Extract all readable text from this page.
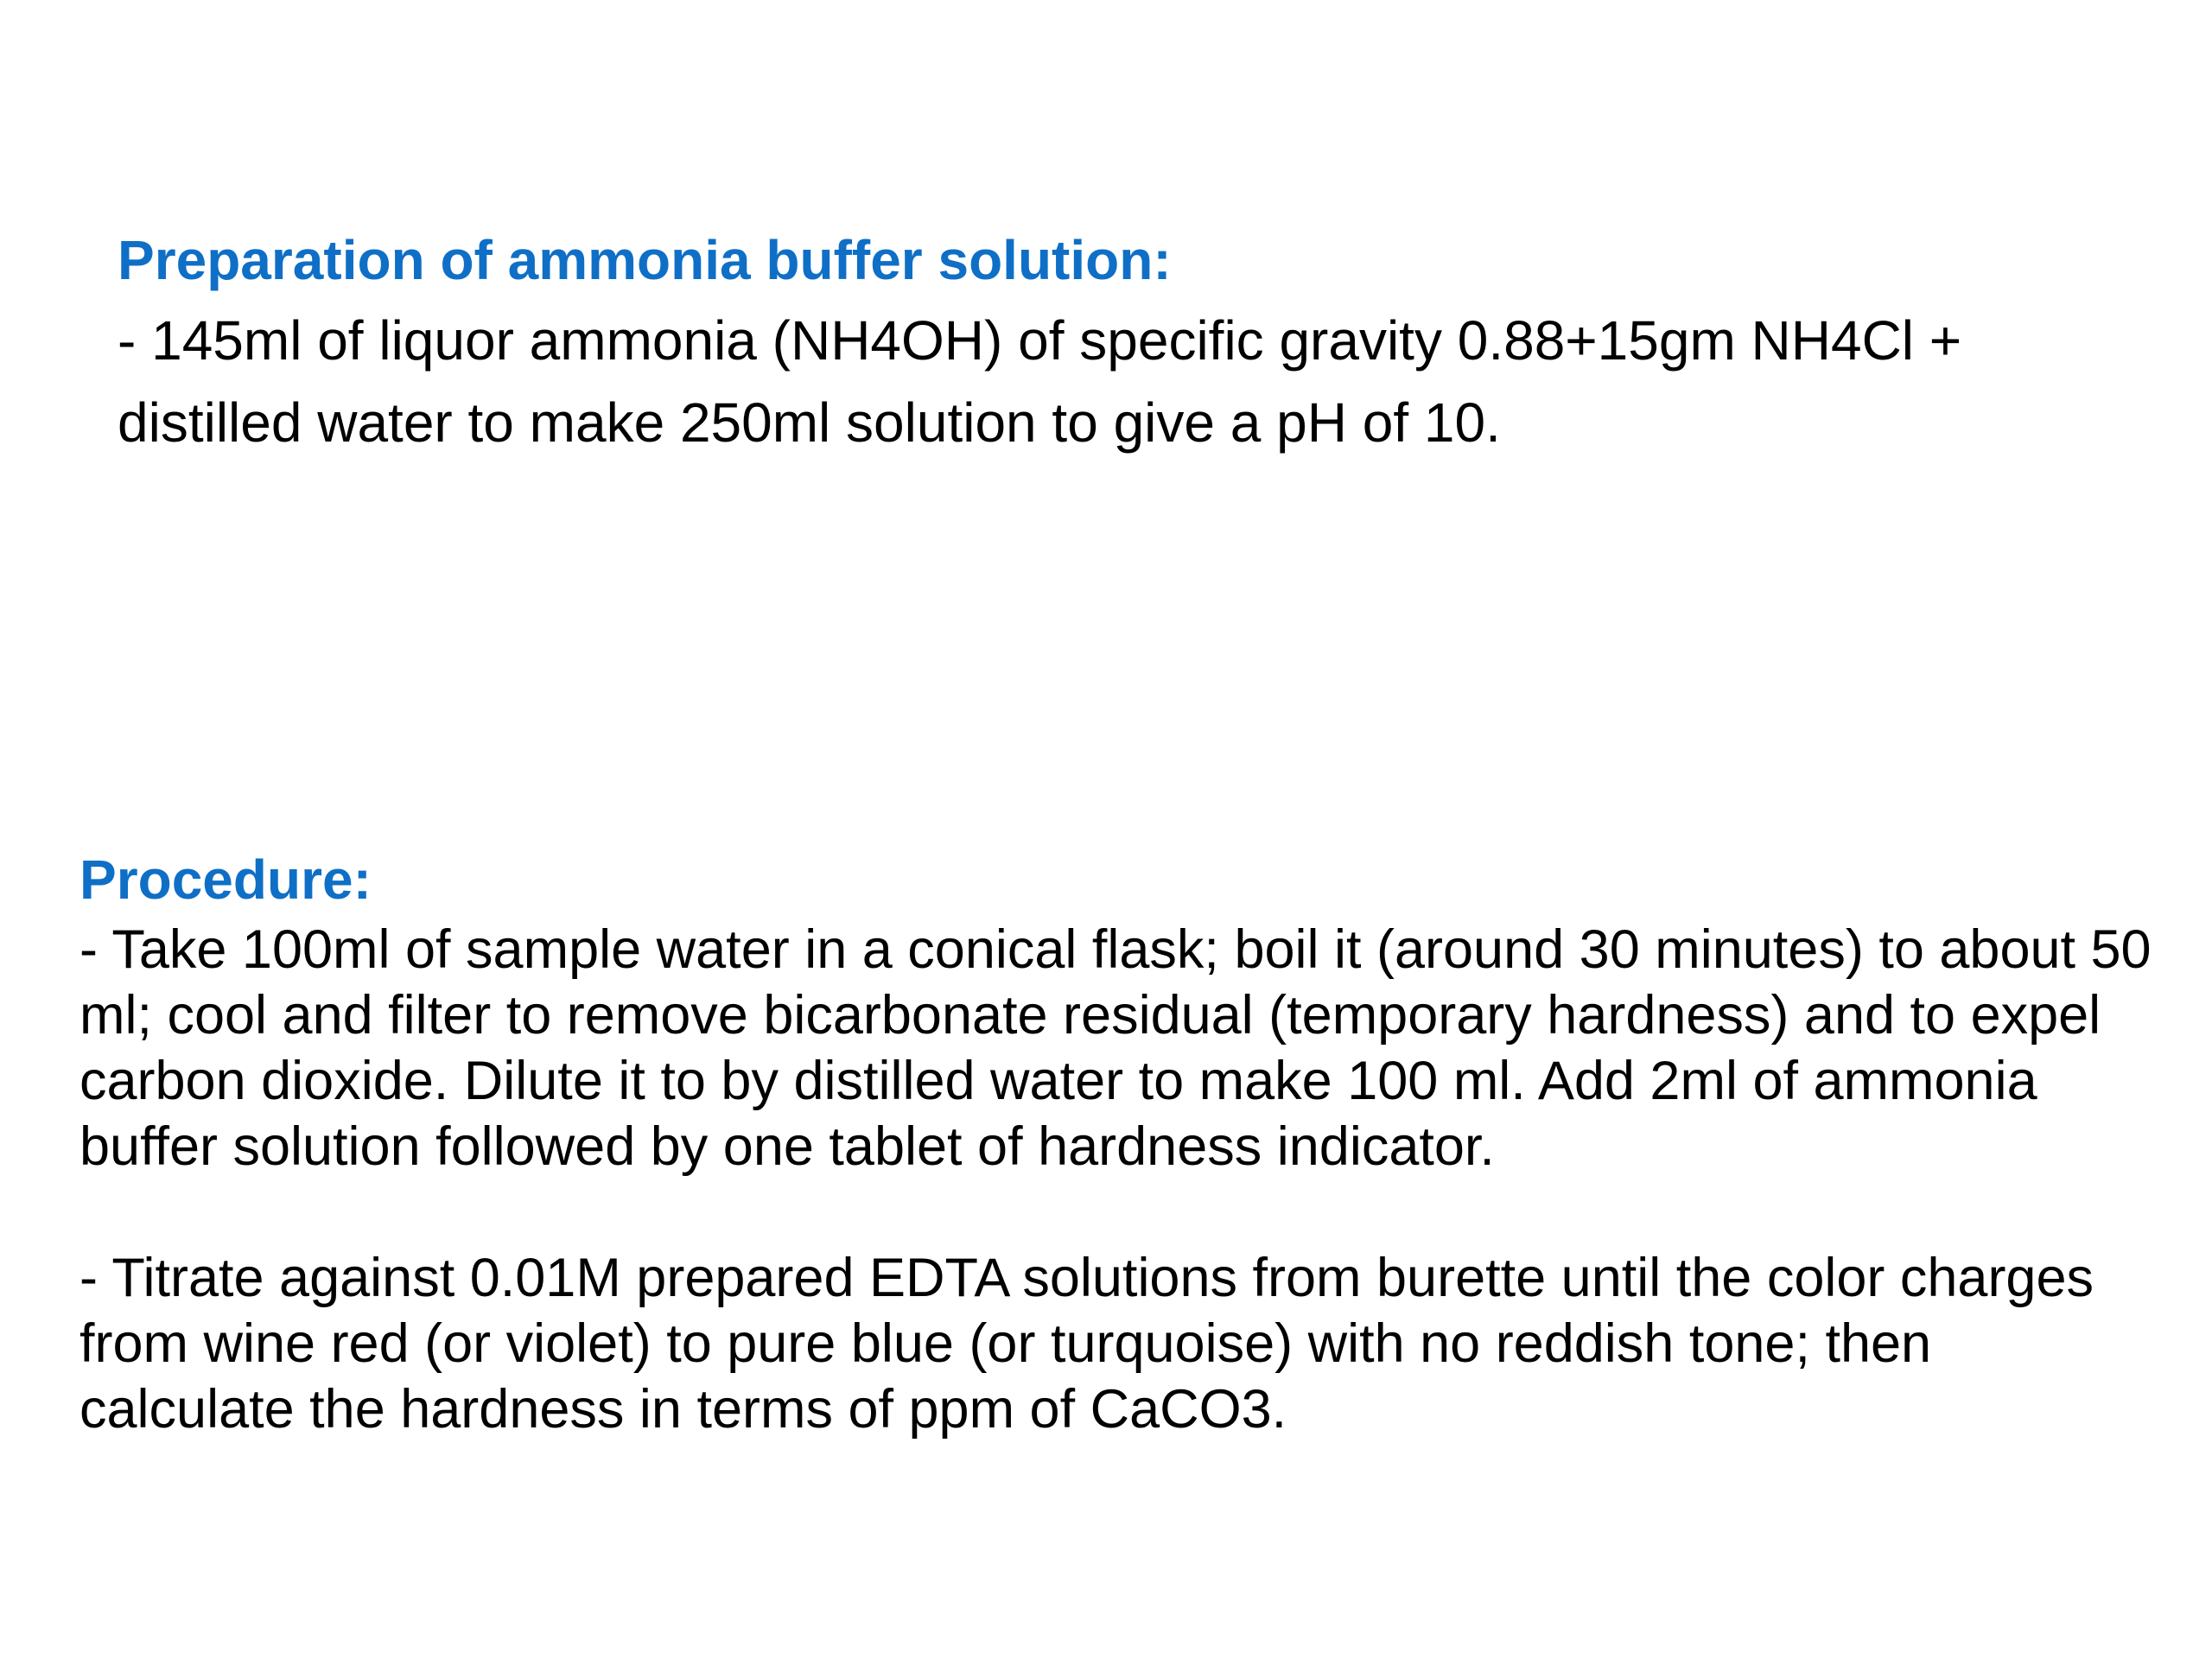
Preparation of ammonia buffer solution:

- 145ml of liquor ammonia (NH4OH) of specific gravity 0.88+15gm NH4Cl + distilled water to make 250ml solution to give a pH of 10.

Procedure:

- Take 100ml of sample water in a conical flask; boil it (around 30 minutes) to about 50 ml; cool and filter to remove bicarbonate residual (temporary hardness) and to expel carbon dioxide. Dilute it to by distilled water to make 100 ml. Add 2ml of ammonia buffer solution followed by one tablet of hardness indicator.

- Titrate against 0.01M prepared EDTA solutions from burette until the color charges from wine red (or violet) to pure blue (or turquoise) with no reddish tone; then calculate the hardness in terms of ppm of CaCO3.
